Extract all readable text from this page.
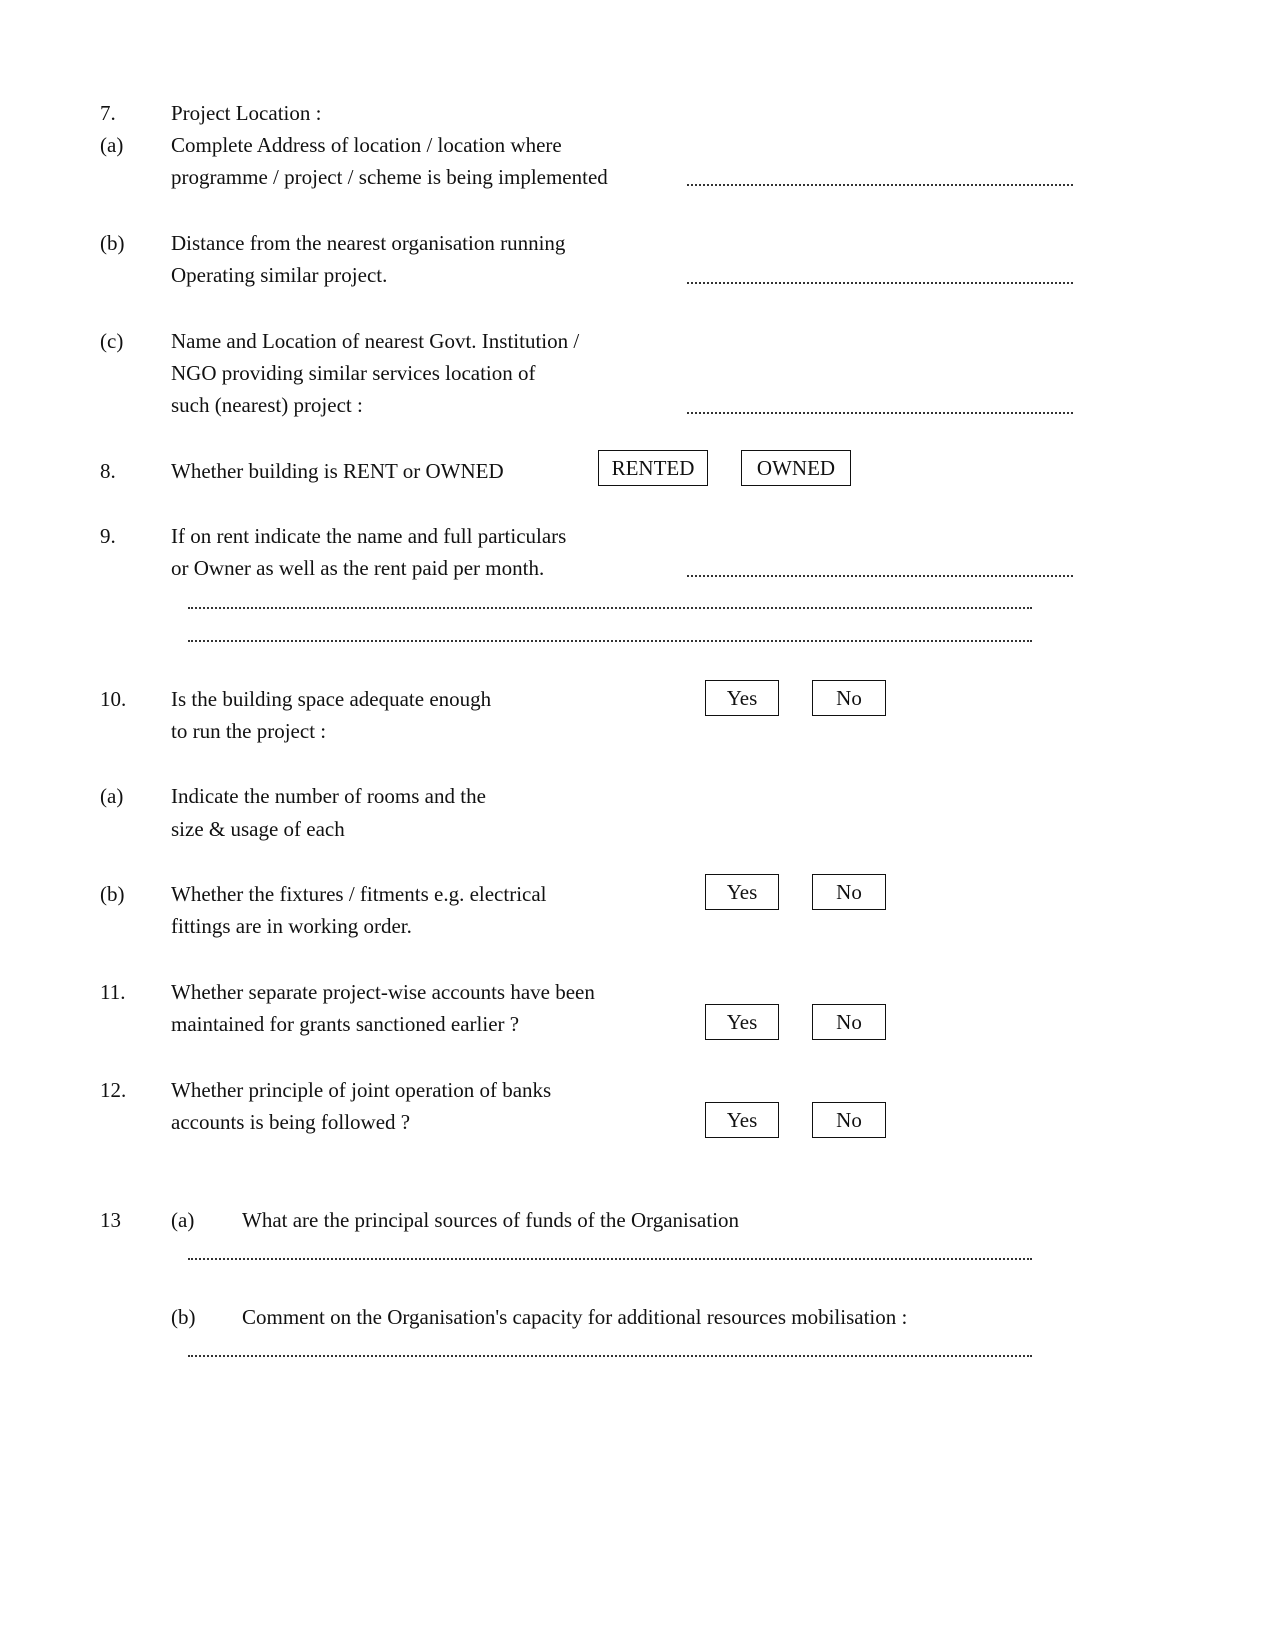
7.	Project Location :
(a) Complete Address of location / location where
programme / project / scheme is being implemented
(b) Distance from the nearest organisation running
Operating similar project.
(c) Name and Location of nearest Govt. Institution /
NGO providing similar services location of
such (nearest) project :
8.	Whether building is RENT or OWNED	RENTED	OWNED
9.	If on rent indicate the name and full particulars
or Owner as well as the rent paid per month.
10. Is the building space adequate enough
to run the project :
Yes	No
(a) Indicate the number of rooms and the
size & usage of each
(b) Whether the fixtures / fitments e.g. electrical
fittings are in working order.
Yes	No
11. Whether separate project-wise accounts have been
maintained for grants sanctioned earlier ?	Yes	No
12. Whether principle of joint operation of banks
accounts is being followed ?	Yes	No
13 (a) What are the principal sources of funds of the Organisation
(b) Comment on the Organisation's capacity for additional resources mobilisation :
